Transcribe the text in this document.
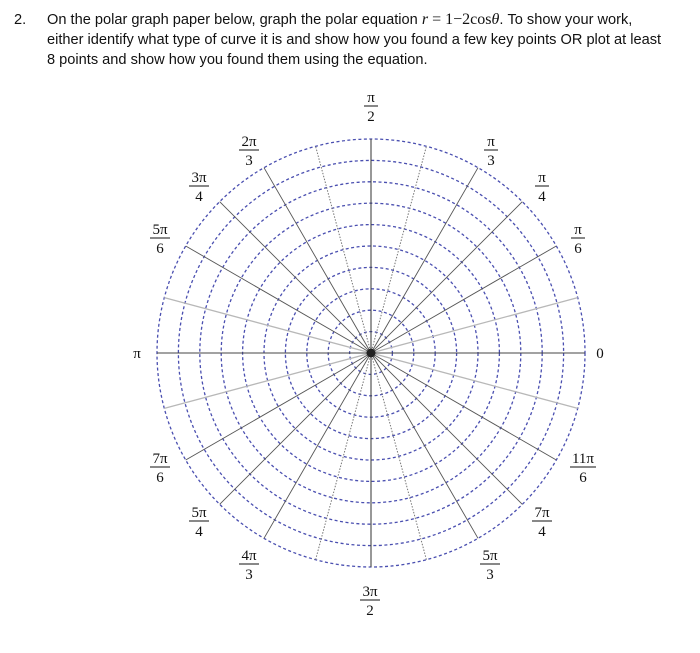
2. On the polar graph paper below, graph the polar equation r = 1−2cosθ. To show your work,
either identify what type of curve it is and show how you found a few key points OR plot at least
8 points and show how you found them using the equation.
π
2
π
3
π
4
π
6
0
2π
3
3π
4
5π
6
π
7π
6
5π
4
4π
3
3π
2
5π
3
7π
4
11π
6
